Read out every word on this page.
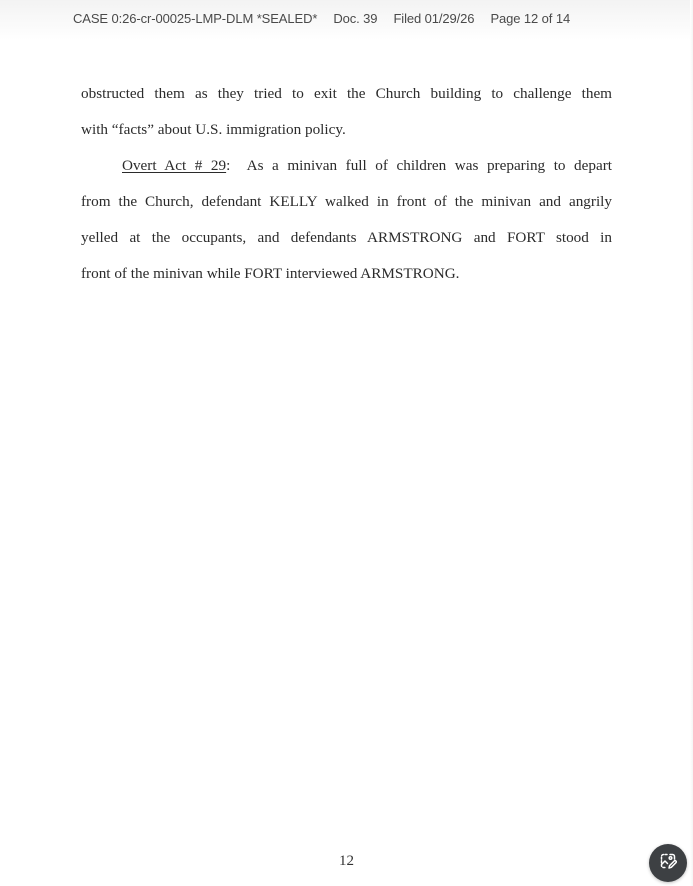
CASE 0:26-cr-00025-LMP-DLM *SEALED* Doc. 39 Filed 01/29/26 Page 12 of 14
obstructed them as they tried to exit the Church building to challenge them
with “facts” about U.S. immigration policy.
Overt Act # 29: As a minivan full of children was preparing to depart
from the Church, defendant KELLY walked in front of the minivan and angrily
yelled at the occupants, and defendants ARMSTRONG and FORT stood in
front of the minivan while FORT interviewed ARMSTRONG.
12
